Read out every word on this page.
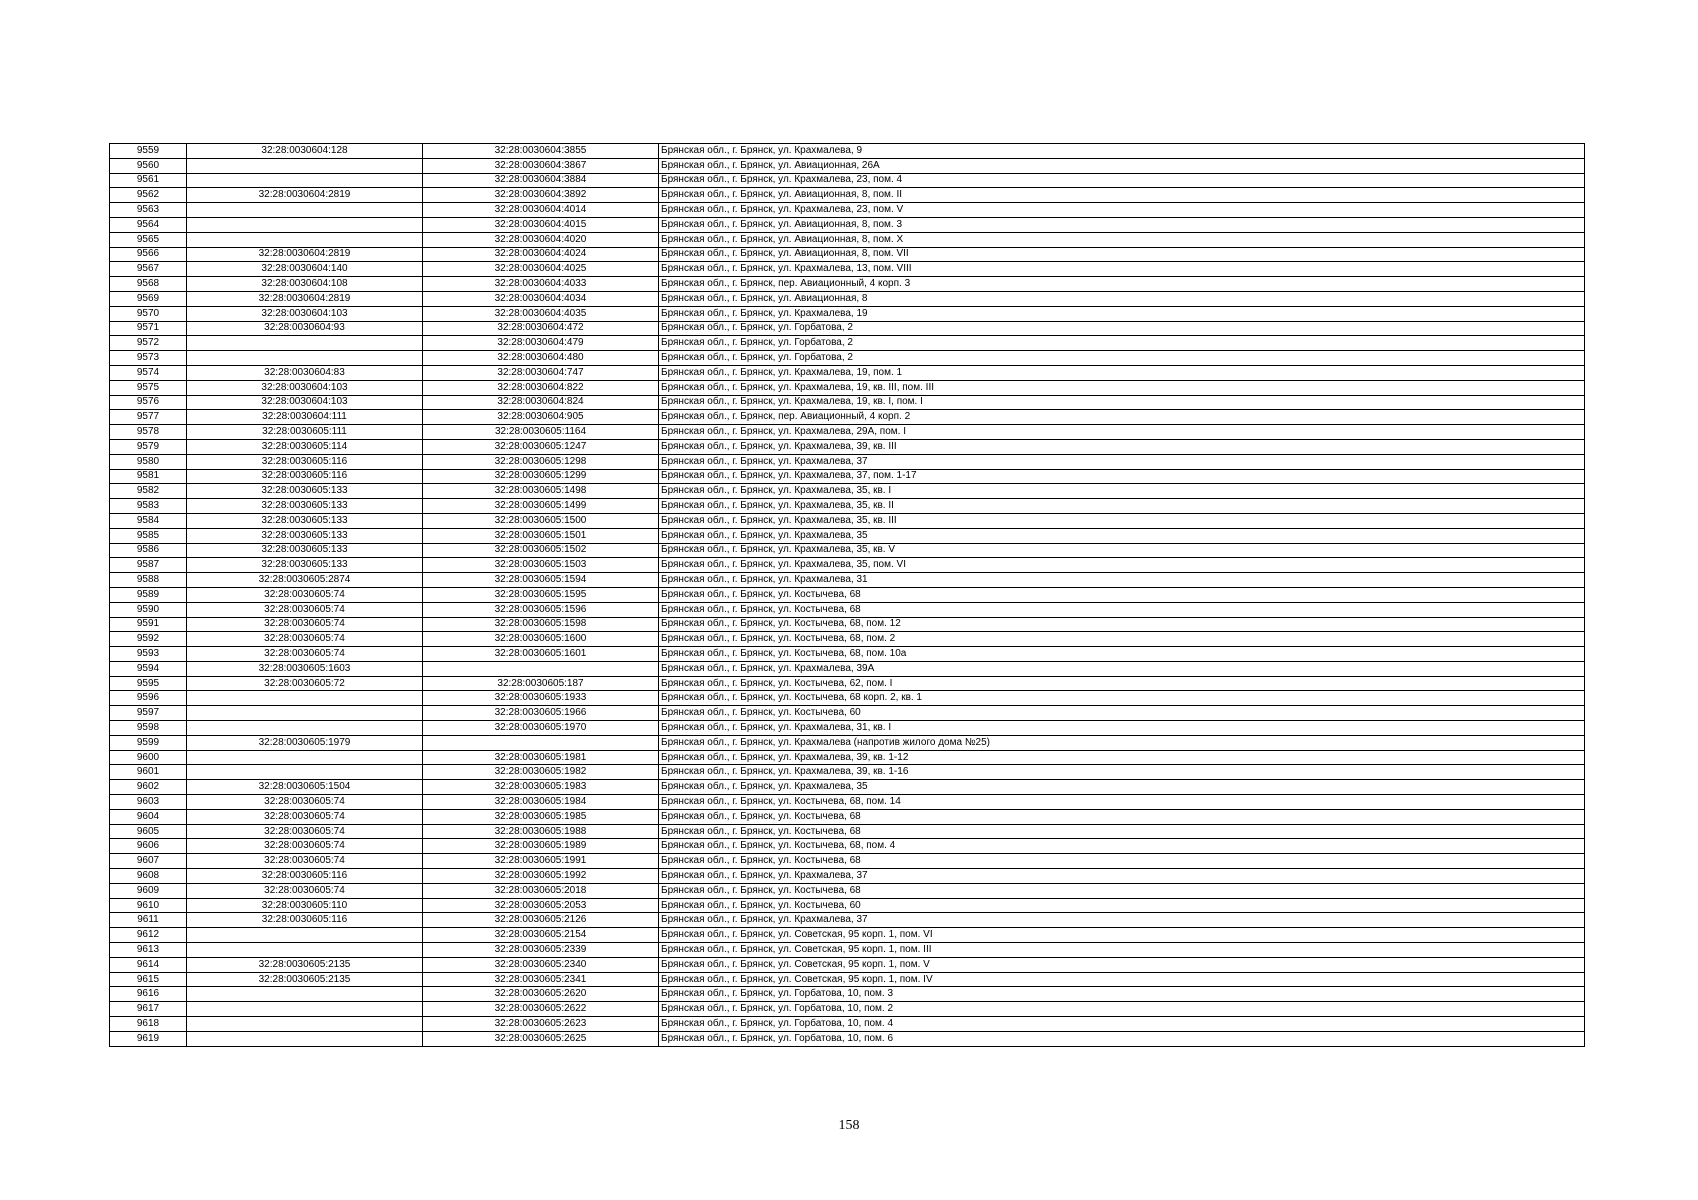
9559	32:28:0030604:128	32:28:0030604:3855	Брянская обл., г. Брянск, ул. Крахмалева, 9
9560		32:28:0030604:3867	Брянская обл., г. Брянск, ул. Авиационная, 26А
9561		32:28:0030604:3884	Брянская обл., г. Брянск, ул. Крахмалева, 23, пом. 4
9562	32:28:0030604:2819	32:28:0030604:3892	Брянская обл., г. Брянск, ул. Авиационная, 8, пом. II
9563		32:28:0030604:4014	Брянская обл., г. Брянск, ул. Крахмалева, 23, пом. V
9564		32:28:0030604:4015	Брянская обл., г. Брянск, ул. Авиационная, 8, пом. 3
9565		32:28:0030604:4020	Брянская обл., г. Брянск, ул. Авиационная, 8, пом. X
9566	32:28:0030604:2819	32:28:0030604:4024	Брянская обл., г. Брянск, ул. Авиационная, 8, пом. VII
9567	32:28:0030604:140	32:28:0030604:4025	Брянская обл., г. Брянск, ул. Крахмалева, 13, пом. VIII
9568	32:28:0030604:108	32:28:0030604:4033	Брянская обл., г. Брянск, пер. Авиационный, 4 корп. 3
9569	32:28:0030604:2819	32:28:0030604:4034	Брянская обл., г. Брянск, ул. Авиационная, 8
9570	32:28:0030604:103	32:28:0030604:4035	Брянская обл., г. Брянск, ул. Крахмалева, 19
9571	32:28:0030604:93	32:28:0030604:472	Брянская обл., г. Брянск, ул. Горбатова, 2
9572		32:28:0030604:479	Брянская обл., г. Брянск, ул. Горбатова, 2
9573		32:28:0030604:480	Брянская обл., г. Брянск, ул. Горбатова, 2
9574	32:28:0030604:83	32:28:0030604:747	Брянская обл., г. Брянск, ул. Крахмалева, 19, пом. 1
9575	32:28:0030604:103	32:28:0030604:822	Брянская обл., г. Брянск, ул. Крахмалева, 19, кв. III, пом. III
9576	32:28:0030604:103	32:28:0030604:824	Брянская обл., г. Брянск, ул. Крахмалева, 19, кв. I, пом. I
9577	32:28:0030604:111	32:28:0030604:905	Брянская обл., г. Брянск, пер. Авиационный, 4 корп. 2
9578	32:28:0030605:111	32:28:0030605:1164	Брянская обл., г. Брянск, ул. Крахмалева, 29А, пом. I
9579	32:28:0030605:114	32:28:0030605:1247	Брянская обл., г. Брянск, ул. Крахмалева, 39, кв. III
9580	32:28:0030605:116	32:28:0030605:1298	Брянская обл., г. Брянск, ул. Крахмалева, 37
9581	32:28:0030605:116	32:28:0030605:1299	Брянская обл., г. Брянск, ул. Крахмалева, 37, пом. 1-17
9582	32:28:0030605:133	32:28:0030605:1498	Брянская обл., г. Брянск, ул. Крахмалева, 35, кв. I
9583	32:28:0030605:133	32:28:0030605:1499	Брянская обл., г. Брянск, ул. Крахмалева, 35, кв. II
9584	32:28:0030605:133	32:28:0030605:1500	Брянская обл., г. Брянск, ул. Крахмалева, 35, кв. III
9585	32:28:0030605:133	32:28:0030605:1501	Брянская обл., г. Брянск, ул. Крахмалева, 35
9586	32:28:0030605:133	32:28:0030605:1502	Брянская обл., г. Брянск, ул. Крахмалева, 35, кв. V
9587	32:28:0030605:133	32:28:0030605:1503	Брянская обл., г. Брянск, ул. Крахмалева, 35, пом. VI
9588	32:28:0030605:2874	32:28:0030605:1594	Брянская обл., г. Брянск, ул. Крахмалева, 31
9589	32:28:0030605:74	32:28:0030605:1595	Брянская обл., г. Брянск, ул. Костычева, 68
9590	32:28:0030605:74	32:28:0030605:1596	Брянская обл., г. Брянск, ул. Костычева, 68
9591	32:28:0030605:74	32:28:0030605:1598	Брянская обл., г. Брянск, ул. Костычева, 68, пом. 12
9592	32:28:0030605:74	32:28:0030605:1600	Брянская обл., г. Брянск, ул. Костычева, 68, пом. 2
9593	32:28:0030605:74	32:28:0030605:1601	Брянская обл., г. Брянск, ул. Костычева, 68, пом. 10а
9594	32:28:0030605:1603		Брянская обл., г. Брянск, ул. Крахмалева, 39А
9595	32:28:0030605:72	32:28:0030605:187	Брянская обл., г. Брянск, ул. Костычева, 62, пом. I
9596		32:28:0030605:1933	Брянская обл., г. Брянск, ул. Костычева, 68 корп. 2, кв. 1
9597		32:28:0030605:1966	Брянская обл., г. Брянск, ул. Костычева, 60
9598		32:28:0030605:1970	Брянская обл., г. Брянск, ул. Крахмалева, 31, кв. I
9599	32:28:0030605:1979		Брянская обл., г. Брянск, ул. Крахмалева (напротив жилого дома №25)
9600		32:28:0030605:1981	Брянская обл., г. Брянск, ул. Крахмалева, 39, кв. 1-12
9601		32:28:0030605:1982	Брянская обл., г. Брянск, ул. Крахмалева, 39, кв. 1-16
9602	32:28:0030605:1504	32:28:0030605:1983	Брянская обл., г. Брянск, ул. Крахмалева, 35
9603	32:28:0030605:74	32:28:0030605:1984	Брянская обл., г. Брянск, ул. Костычева, 68, пом. 14
9604	32:28:0030605:74	32:28:0030605:1985	Брянская обл., г. Брянск, ул. Костычева, 68
9605	32:28:0030605:74	32:28:0030605:1988	Брянская обл., г. Брянск, ул. Костычева, 68
9606	32:28:0030605:74	32:28:0030605:1989	Брянская обл., г. Брянск, ул. Костычева, 68, пом. 4
9607	32:28:0030605:74	32:28:0030605:1991	Брянская обл., г. Брянск, ул. Костычева, 68
9608	32:28:0030605:116	32:28:0030605:1992	Брянская обл., г. Брянск, ул. Крахмалева, 37
9609	32:28:0030605:74	32:28:0030605:2018	Брянская обл., г. Брянск, ул. Костычева, 68
9610	32:28:0030605:110	32:28:0030605:2053	Брянская обл., г. Брянск, ул. Костычева, 60
9611	32:28:0030605:116	32:28:0030605:2126	Брянская обл., г. Брянск, ул. Крахмалева, 37
9612		32:28:0030605:2154	Брянская обл., г. Брянск, ул. Советская, 95 корп. 1, пом. VI
9613		32:28:0030605:2339	Брянская обл., г. Брянск, ул. Советская, 95 корп. 1, пом. III
9614	32:28:0030605:2135	32:28:0030605:2340	Брянская обл., г. Брянск, ул. Советская, 95 корп. 1, пом. V
9615	32:28:0030605:2135	32:28:0030605:2341	Брянская обл., г. Брянск, ул. Советская, 95 корп. 1, пом. IV
9616		32:28:0030605:2620	Брянская обл., г. Брянск, ул. Горбатова, 10, пом. 3
9617		32:28:0030605:2622	Брянская обл., г. Брянск, ул. Горбатова, 10, пом. 2
9618		32:28:0030605:2623	Брянская обл., г. Брянск, ул. Горбатова, 10, пом. 4
9619		32:28:0030605:2625	Брянская обл., г. Брянск, ул. Горбатова, 10, пом. 6
158
